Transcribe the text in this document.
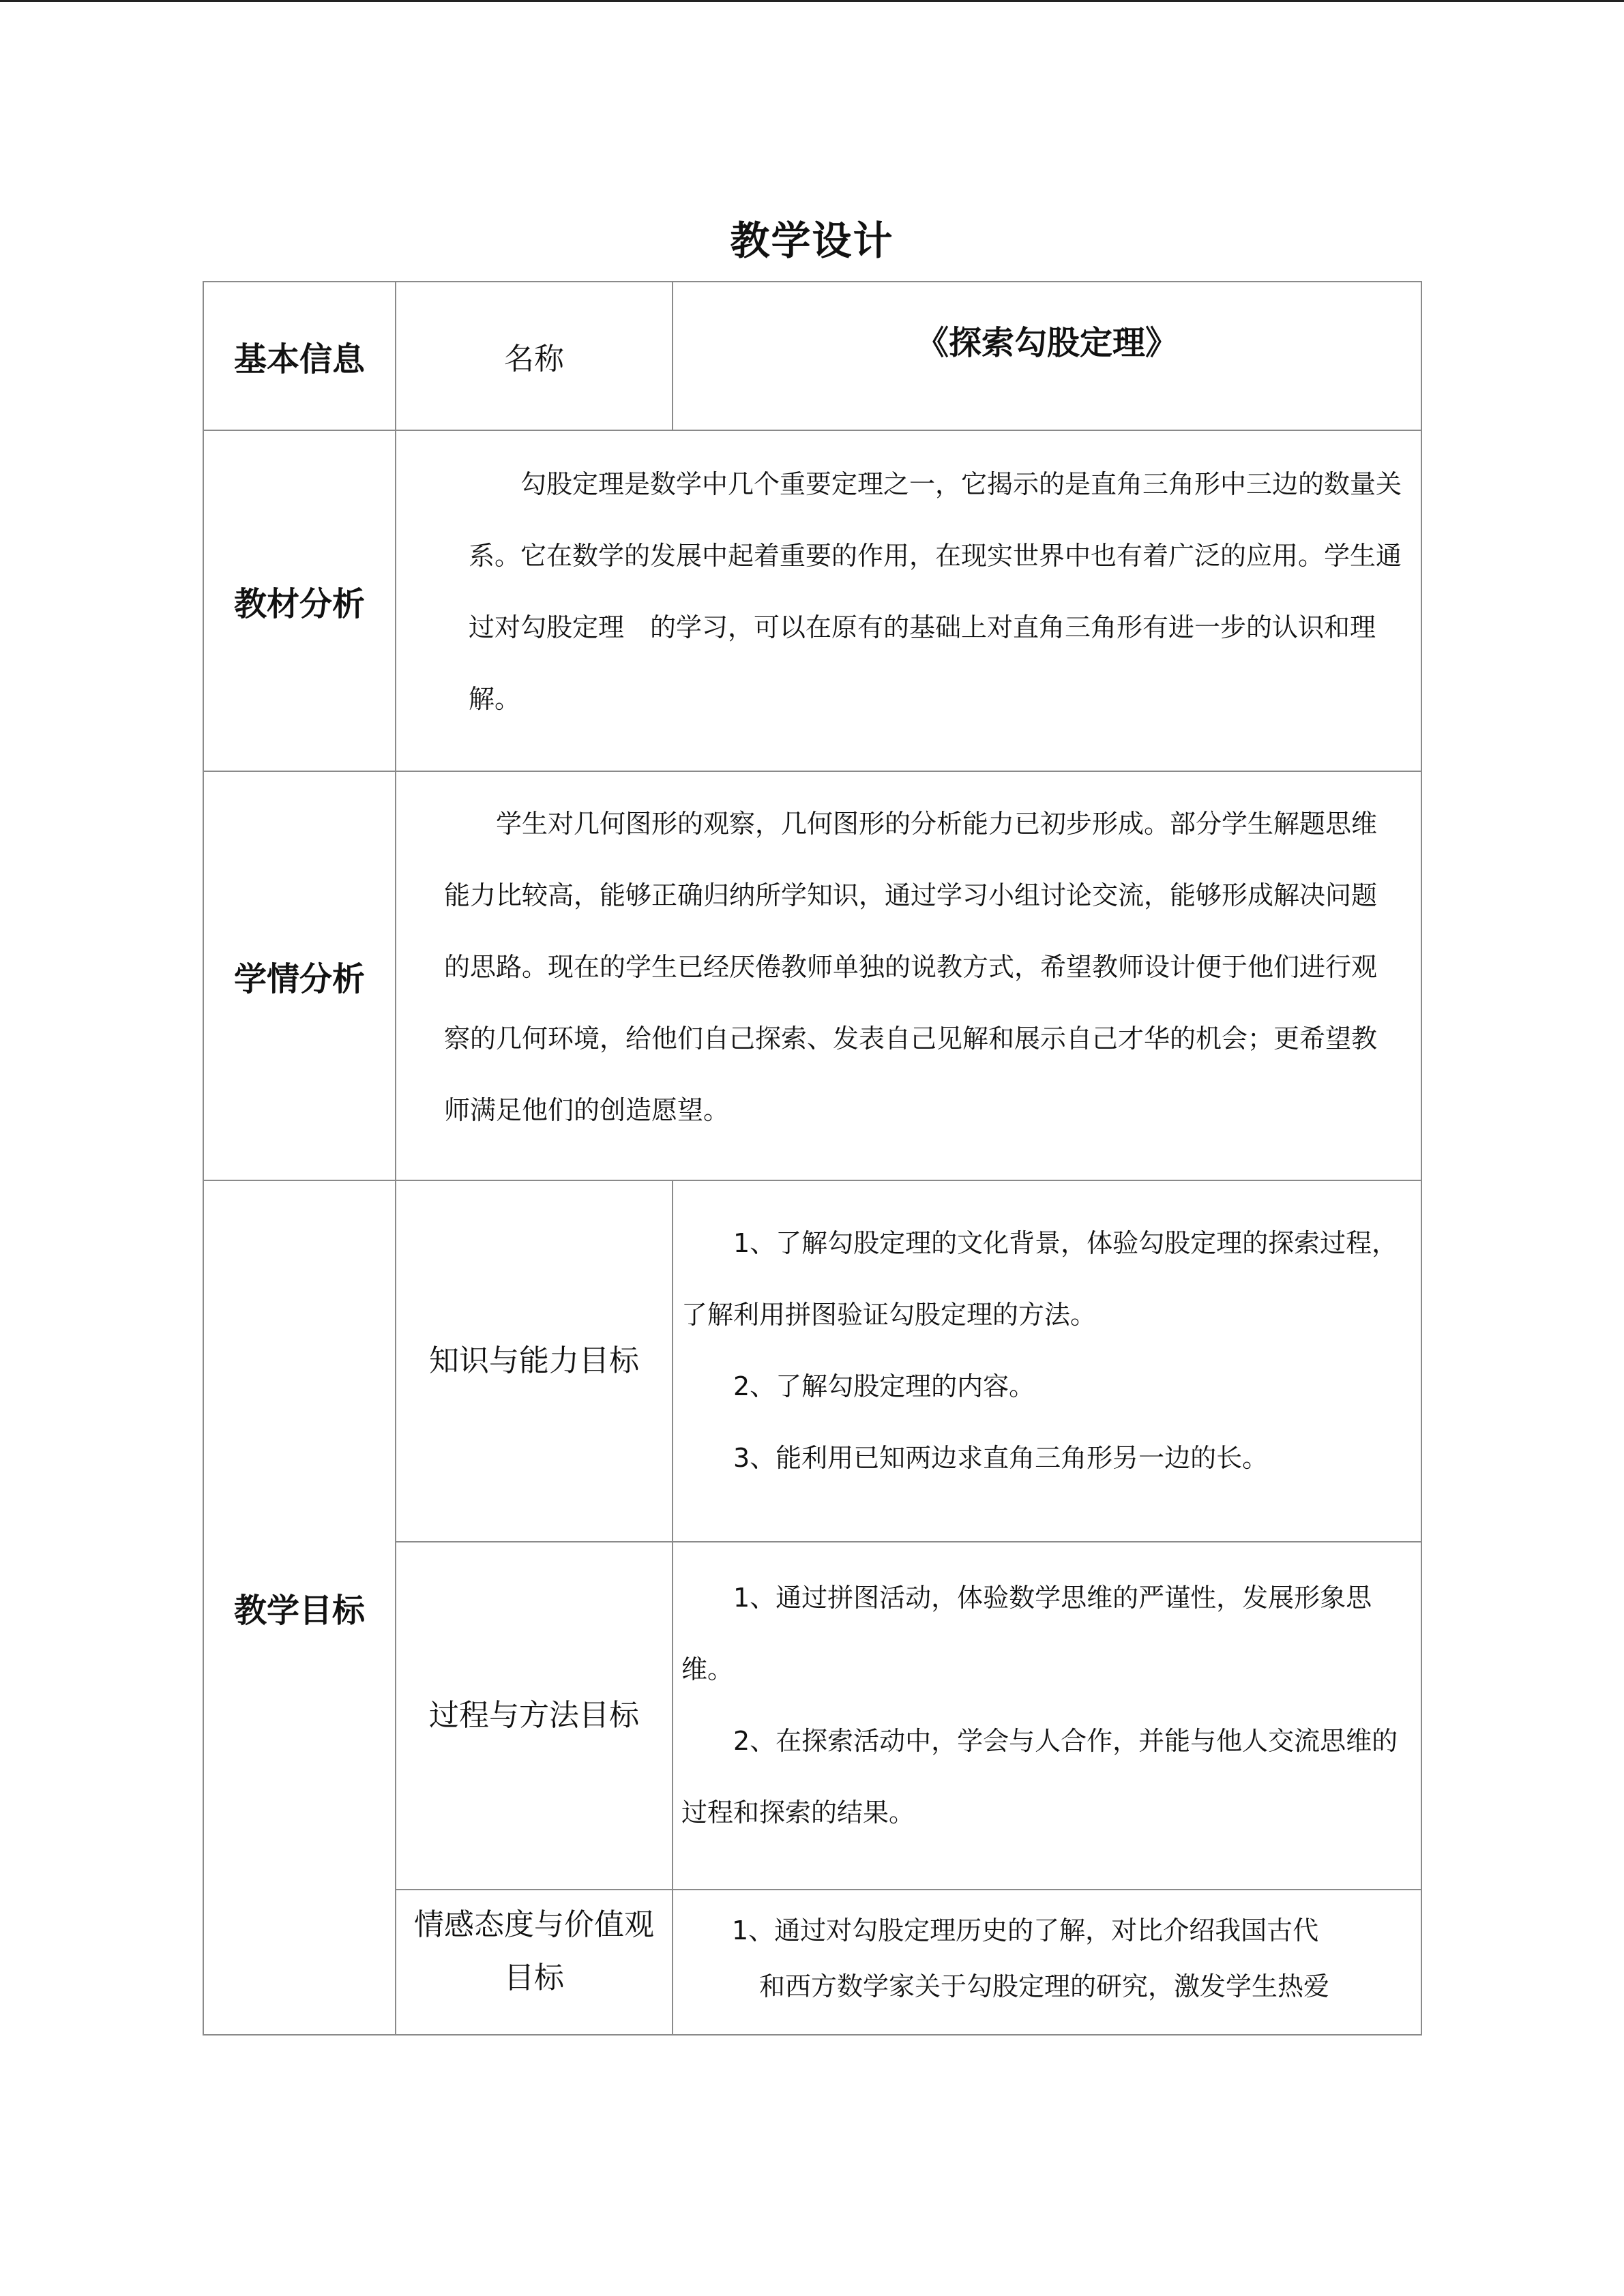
教学设计
基本信息	名称	《探索勾股定理》
教材分析	勾股定理是数学中几个重要定理之一，它揭示的是直角三角形中三边的数量关系。它在数学的发展中起着重要的作用，在现实世界中也有着广泛的应用。学生通过对勾股定理　的学习，可以在原有的基础上对直角三角形有进一步的认识和理解。	

学情分析	学生对几何图形的观察，几何图形的分析能力已初步形成。部分学生解题思维能力比较高，能够正确归纳所学知识，通过学习小组讨论交流，能够形成解决问题的思路。现在的学生已经厌倦教师单独的说教方式，希望教师设计便于他们进行观察的几何环境，给他们自己探索、发表自己见解和展示自己才华的机会；更希望教师满足他们的创造愿望。	

教学目标	知识与能力目标	1、了解勾股定理的文化背景，体验勾股定理的探索过程，了解利用拼图验证勾股定理的方法。

2、了解勾股定理的内容。

3、能利用已知两边求直角三角形另一边的长。

	过程与方法目标	1、通过拼图活动，体验数学思维的严谨性，发展形象思维。

2、在探索活动中，学会与人合作，并能与他人交流思维的过程和探索的结果。

	情感态度与价值观目标	1、通过对勾股定理历史的了解，对比介绍我国古代

和西方数学家关于勾股定理的研究，激发学生热爱
